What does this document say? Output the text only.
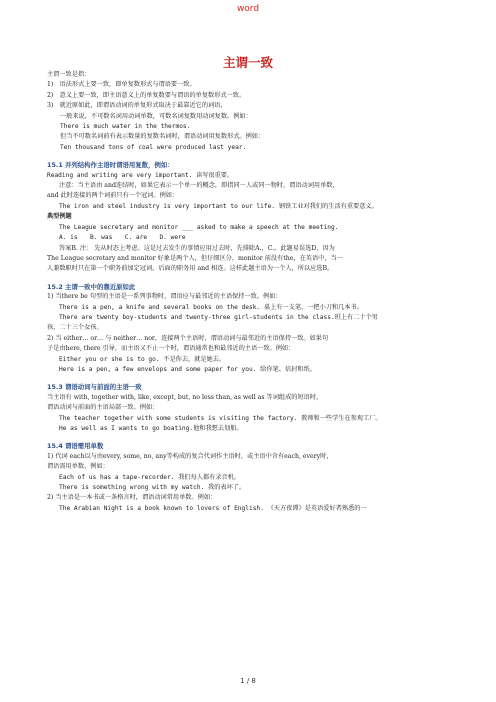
word
主谓一致

主谓一致是指：

1)　语法形式上要一致，即单复数形式与谓语要一致。

2)　意义上要一致，即主语意义上的单复数要与谓语的单复数形式一致。

3)　就近原如此，即谓语动词的单复形式取决于最靠近它的词语，

一般来说，不可数名词用动词单数，可数名词复数用动词复数。例如：

There is much water in the thermos.

但当不可数名词前有表示数量的复数名词时，谓语动词用复数形式。例如：

Ten thousand tons of coal were produced last year.

15.1 并列结构作主语时谓语用复数，例如：

Reading and writing are very important. 读写很重要。

注意：当主语由 and连结时，如果它表示一个单一的概念，即指同一人或同一物时，谓语动词用单数，

and 此时连接的两个词前只有一个冠词。例如：

The iron and steel industry is very important to our life. 钢铁工业对我们的生活有重要意义。

典型例题

The League secretary and monitor ___ asked to make a speech at the meeting.

A. is　　B. was　　C. are　　D. were

答案B. 注： 先从时态上考虑。这是过去发生的事情应用过去时，先排除A.，C.。此题易误选D，因为

The League secretary and monitor 好象是两个人，但仔细区分，monitor 前没有the，在英语中，当一

人兼数职时只在第一个职务前加定冠词。后面的职务用 and 相连。这样此题主语为一个人，所以应选B。

15.2 主谓一致中的靠近原如此

1) 当there be 句型的主语是一系列事物时，谓语应与最邻近的主语保持一致。例如：

There is a pen, a knife and several books on the desk. 桌上有一支笔、一把小刀和几本书。

There are twenty boy-students and twenty-three girl-students in the class.班上有二十个男

孩，二十三个女孩。

2) 当 either… or… 与 neither… nor，连接两个主语时，谓语动词与最邻近的主语保持一致。如果句

子是由here, there 引导，而主语又不止一个时，谓语通常也和最邻近的主语一致。例如：

Either you or she is to go. 不是你去，就是她去。

Here is a pen, a few envelops and some paper for you. 给你笔、信封和纸。

15.3 谓语动词与前面的主语一致

当主语有 with, together with, like, except, but, no less than, as well as 等词组成的短语时，

谓语动词与前面的主语局部一致。例如：

The teacher together with some students is visiting the factory. 教师和一些学生在参观工厂。

He as well as I wants to go boating.他和我想去划船。

15.4 谓语需用单数

1) 代词 each以与由every, some, no, any等构成的复合代词作主语时，或主语中含有each, every时，

谓语需用单数。例如：

Each of us has a tape-recorder. 我们每人都有录音机。

There is something wrong with my watch. 我的表坏了。

2) 当主语是一本书或一条格言时，谓语动词常用单数。例如：

The Arabian Night is a book known to lovers of English. 《天方夜谭》是英语爱好者熟悉的一

1 / 8
